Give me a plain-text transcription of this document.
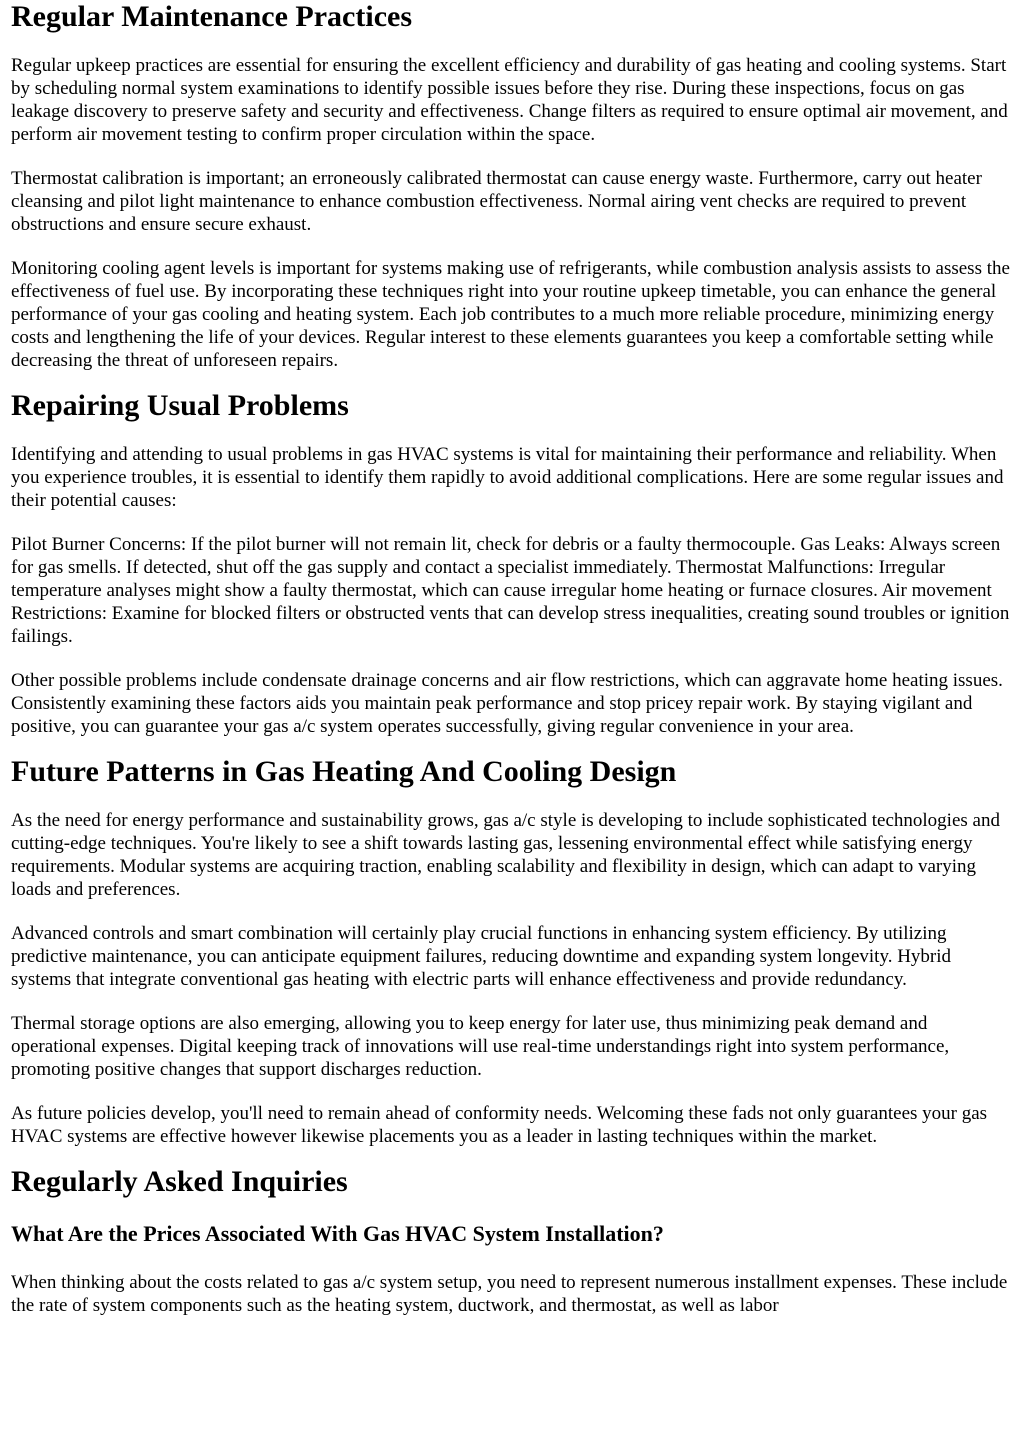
Regular Maintenance Practices

Regular upkeep practices are essential for ensuring the excellent efficiency and durability of gas heating and cooling systems. Start by scheduling normal system examinations to identify possible issues before they rise. During these inspections, focus on gas leakage discovery to preserve safety and security and effectiveness. Change filters as required to ensure optimal air movement, and perform air movement testing to confirm proper circulation within the space.

Thermostat calibration is important; an erroneously calibrated thermostat can cause energy waste. Furthermore, carry out heater cleansing and pilot light maintenance to enhance combustion effectiveness. Normal airing vent checks are required to prevent obstructions and ensure secure exhaust.

Monitoring cooling agent levels is important for systems making use of refrigerants, while combustion analysis assists to assess the effectiveness of fuel use. By incorporating these techniques right into your routine upkeep timetable, you can enhance the general performance of your gas cooling and heating system. Each job contributes to a much more reliable procedure, minimizing energy costs and lengthening the life of your devices. Regular interest to these elements guarantees you keep a comfortable setting while decreasing the threat of unforeseen repairs.

Repairing Usual Problems

Identifying and attending to usual problems in gas HVAC systems is vital for maintaining their performance and reliability. When you experience troubles, it is essential to identify them rapidly to avoid additional complications. Here are some regular issues and their potential causes:

Pilot Burner Concerns: If the pilot burner will not remain lit, check for debris or a faulty thermocouple. Gas Leaks: Always screen for gas smells. If detected, shut off the gas supply and contact a specialist immediately. Thermostat Malfunctions: Irregular temperature analyses might show a faulty thermostat, which can cause irregular home heating or furnace closures. Air movement Restrictions: Examine for blocked filters or obstructed vents that can develop stress inequalities, creating sound troubles or ignition failings.

Other possible problems include condensate drainage concerns and air flow restrictions, which can aggravate home heating issues. Consistently examining these factors aids you maintain peak performance and stop pricey repair work. By staying vigilant and positive, you can guarantee your gas a/c system operates successfully, giving regular convenience in your area.

Future Patterns in Gas Heating And Cooling Design

As the need for energy performance and sustainability grows, gas a/c style is developing to include sophisticated technologies and cutting-edge techniques. You're likely to see a shift towards lasting gas, lessening environmental effect while satisfying energy requirements. Modular systems are acquiring traction, enabling scalability and flexibility in design, which can adapt to varying loads and preferences.

Advanced controls and smart combination will certainly play crucial functions in enhancing system efficiency. By utilizing predictive maintenance, you can anticipate equipment failures, reducing downtime and expanding system longevity. Hybrid systems that integrate conventional gas heating with electric parts will enhance effectiveness and provide redundancy.

Thermal storage options are also emerging, allowing you to keep energy for later use, thus minimizing peak demand and operational expenses. Digital keeping track of innovations will use real-time understandings right into system performance, promoting positive changes that support discharges reduction.

As future policies develop, you'll need to remain ahead of conformity needs. Welcoming these fads not only guarantees your gas HVAC systems are effective however likewise placements you as a leader in lasting techniques within the market.

Regularly Asked Inquiries
What Are the Prices Associated With Gas HVAC System Installation?

When thinking about the costs related to gas a/c system setup, you need to represent numerous installment expenses. These include the rate of system components such as the heating system, ductwork, and thermostat, as well as labor
